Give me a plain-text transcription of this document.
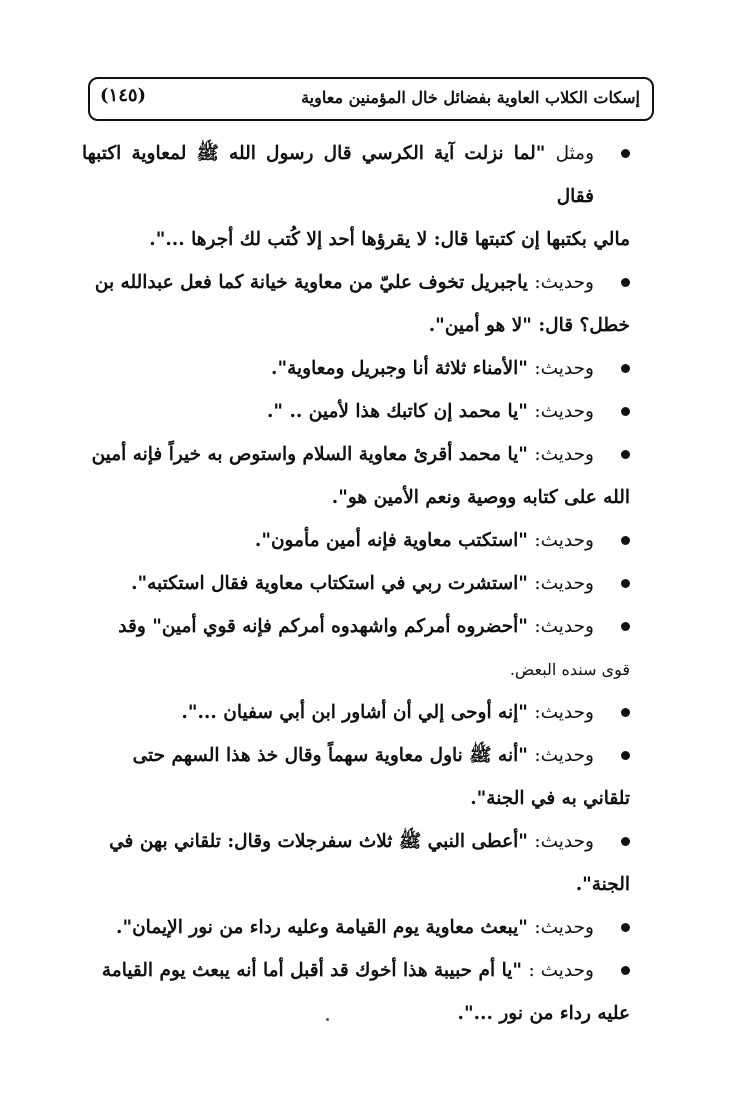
إسكات الكلاب العاوية بفضائل خال المؤمنين معاوية
(١٤٥)

ومثل "لما نزلت آية الكرسي قال رسول الله ﷺ لمعاوية اكتبها فقال
مالي بكتبها إن كتبتها قال: لا يقرؤها أحد إلا كُتب لك أجرها ...".

وحديث: ياجبريل تخوف عليّ من معاوية خيانة كما فعل عبدالله بن
خطل؟ قال: "لا هو أمين".

وحديث: "الأمناء ثلاثة أنا وجبريل ومعاوية".

وحديث: "يا محمد إن كاتبك هذا لأمين .. ".

وحديث: "يا محمد أقرئ معاوية السلام واستوص به خيراً فإنه أمين
الله على كتابه ووصية ونعم الأمين هو".

وحديث: "استكتب معاوية فإنه أمين مأمون".

وحديث: "استشرت ربي في استكتاب معاوية فقال استكتبه".

وحديث: "أحضروه أمركم واشهدوه أمركم فإنه قوي أمين" وقد
قوى سنده البعض.

وحديث: "إنه أوحى إلي أن أشاور ابن أبي سفيان ...".

وحديث: "أنه ﷺ ناول معاوية سهماً وقال خذ هذا السهم حتى
تلقاني به في الجنة".

وحديث: "أعطى النبي ﷺ ثلاث سفرجلات وقال: تلقاني بهن في
الجنة".

وحديث: "يبعث معاوية يوم القيامة وعليه رداء من نور الإيمان".

وحديث : "يا أم حبيبة هذا أخوك قد أقبل أما أنه يبعث يوم القيامة
عليه رداء من نور ...".
